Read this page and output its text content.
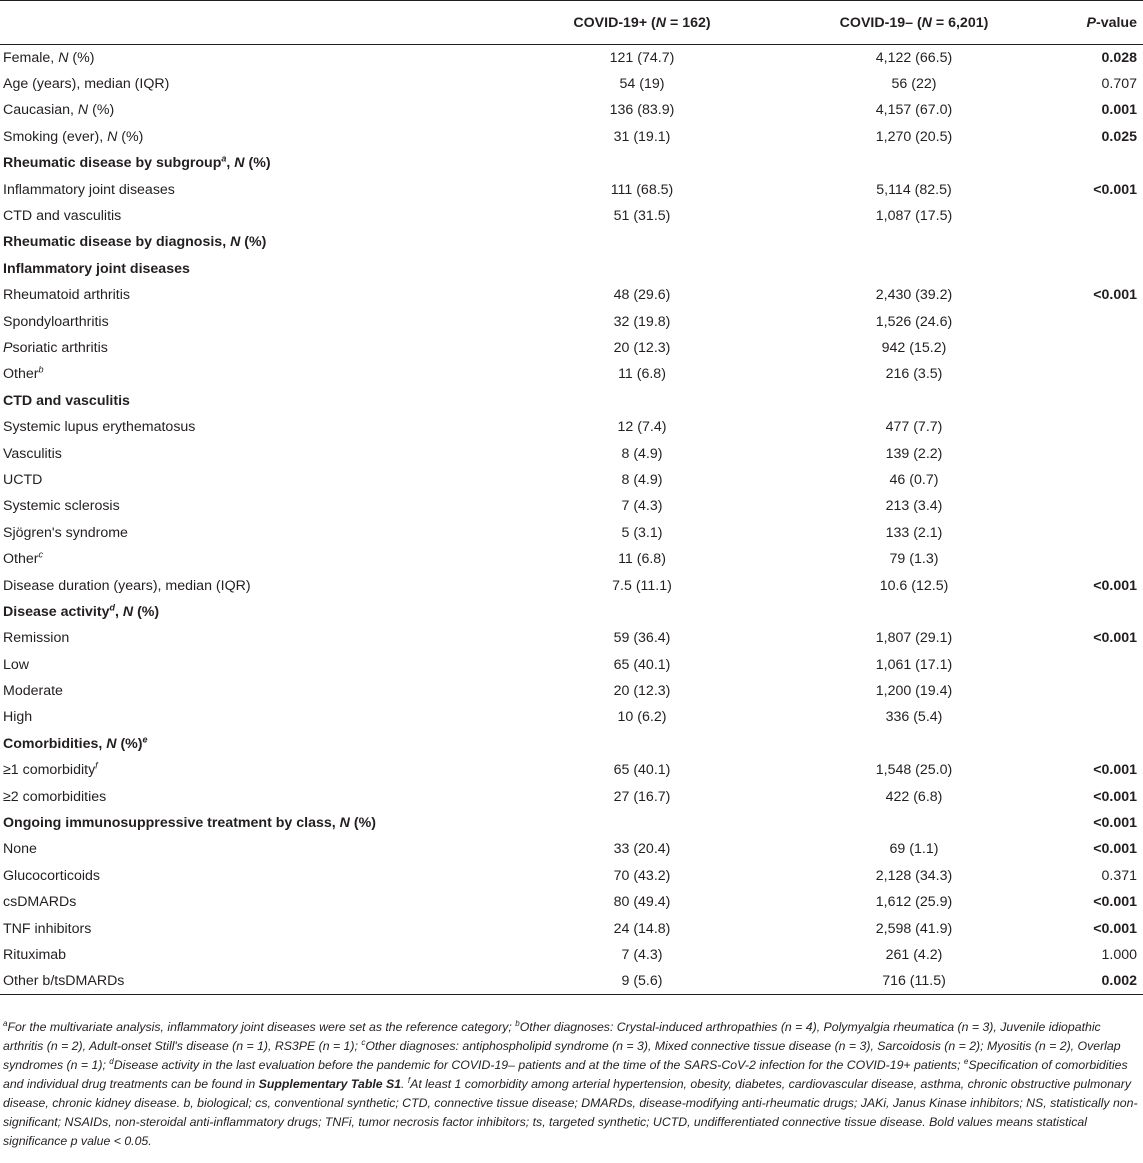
	COVID-19+ (N = 162)	COVID-19– (N = 6,201)	P-value
Female, N (%)	121 (74.7)	4,122 (66.5)	0.028
Age (years), median (IQR)	54 (19)	56 (22)	0.707
Caucasian, N (%)	136 (83.9)	4,157 (67.0)	0.001
Smoking (ever), N (%)	31 (19.1)	1,270 (20.5)	0.025
Rheumatic disease by subgroup$^a$, N (%)			
Inflammatory joint diseases	111 (68.5)	5,114 (82.5)	<0.001
CTD and vasculitis	51 (31.5)	1,087 (17.5)	
Rheumatic disease by diagnosis, N (%)			
Inflammatory joint diseases			
Rheumatoid arthritis	48 (29.6)	2,430 (39.2)	<0.001
Spondyloarthritis	32 (19.8)	1,526 (24.6)	
Psoriatic arthritis	20 (12.3)	942 (15.2)	
Other$^b$	11 (6.8)	216 (3.5)	
CTD and vasculitis			
Systemic lupus erythematosus	12 (7.4)	477 (7.7)	
Vasculitis	8 (4.9)	139 (2.2)	
UCTD	8 (4.9)	46 (0.7)	
Systemic sclerosis	7 (4.3)	213 (3.4)	
Sjögren's syndrome	5 (3.1)	133 (2.1)	
Other$^c$	11 (6.8)	79 (1.3)	
Disease duration (years), median (IQR)	7.5 (11.1)	10.6 (12.5)	<0.001
Disease activity$^d$, N (%)			
Remission	59 (36.4)	1,807 (29.1)	<0.001
Low	65 (40.1)	1,061 (17.1)	
Moderate	20 (12.3)	1,200 (19.4)	
High	10 (6.2)	336 (5.4)	
Comorbidities, N (%)$^e$			
≥1 comorbidity$^f$	65 (40.1)	1,548 (25.0)	<0.001
≥2 comorbidities	27 (16.7)	422 (6.8)	<0.001
Ongoing immunosuppressive treatment by class, N (%)			<0.001
None	33 (20.4)	69 (1.1)	<0.001
Glucocorticoids	70 (43.2)	2,128 (34.3)	0.371
csDMARDs	80 (49.4)	1,612 (25.9)	<0.001
TNF inhibitors	24 (14.8)	2,598 (41.9)	<0.001
Rituximab	7 (4.3)	261 (4.2)	1.000
Other b/tsDMARDs	9 (5.6)	716 (11.5)	0.002
$^a$For the multivariate analysis, inflammatory joint diseases were set as the reference category; $^b$Other diagnoses: Crystal-induced arthropathies (n = 4), Polymyalgia rheumatica (n = 3), Juvenile idiopathic arthritis (n = 2), Adult-onset Still's disease (n = 1), RS3PE (n = 1); $^c$Other diagnoses: antiphospholipid syndrome (n = 3), Mixed connective tissue disease (n = 3), Sarcoidosis (n = 2); Myositis (n = 2), Overlap syndromes (n = 1); $^d$Disease activity in the last evaluation before the pandemic for COVID-19– patients and at the time of the SARS-CoV-2 infection for the COVID-19+ patients; $^e$Specification of comorbidities and individual drug treatments can be found in Supplementary Table S1. $^f$At least 1 comorbidity among arterial hypertension, obesity, diabetes, cardiovascular disease, asthma, chronic obstructive pulmonary disease, chronic kidney disease. b, biological; cs, conventional synthetic; CTD, connective tissue disease; DMARDs, disease-modifying anti-rheumatic drugs; JAKi, Janus Kinase inhibitors; NS, statistically non-significant; NSAIDs, non-steroidal anti-inflammatory drugs; TNFi, tumor necrosis factor inhibitors; ts, targeted synthetic; UCTD, undifferentiated connective tissue disease. Bold values means statistical significance p value < 0.05.
